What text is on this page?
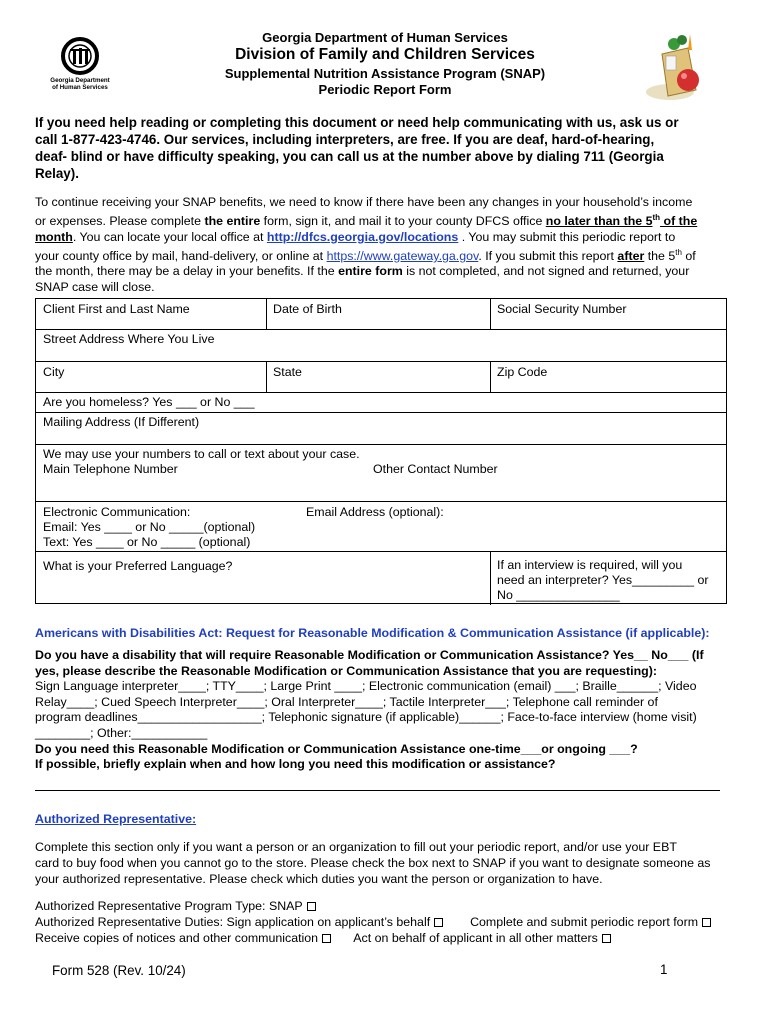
Georgia Department
of Human Services
Georgia Department of Human Services
Division of Family and Children Services
Supplemental Nutrition Assistance Program (SNAP)
Periodic Report Form
If you need help reading or completing this document or need help communicating with us, ask us or
call 1-877-423-4746. Our services, including interpreters, are free. If you are deaf, hard-of-hearing,
deaf- blind or have difficulty speaking, you can call us at the number above by dialing 711 (Georgia
Relay).
To continue receiving your SNAP benefits, we need to know if there have been any changes in your household’s income
or expenses. Please complete the entire form, sign it, and mail it to your county DFCS office no later than the 5th of the
month. You can locate your local office at http://dfcs.georgia.gov/locations . You may submit this periodic report to
your county office by mail, hand-delivery, or online at https://www.gateway.ga.gov. If you submit this report after the 5th of
the month, there may be a delay in your benefits. If the entire form is not completed, and not signed and returned, your
SNAP case will close.
Client First and Last Name	Date of Birth	Social Security Number
Street Address Where You Live
City	State	Zip Code
Are you homeless? Yes ___ or No ___
Mailing Address (If Different)
We may use your numbers to call or text about your case.
Main Telephone Number	Other Contact Number
Electronic Communication:
Email: Yes ____ or No _____(optional)
Text: Yes ____ or No _____ (optional)
Email Address (optional):
What is your Preferred Language?	If an interview is required, will you
need an interpreter? Yes_________ or
No _______________
Americans with Disabilities Act: Request for Reasonable Modification & Communication Assistance (if applicable):
Do you have a disability that will require Reasonable Modification or Communication Assistance? Yes__ No___ (If
yes, please describe the Reasonable Modification or Communication Assistance that you are requesting):
Sign Language interpreter____; TTY____; Large Print ____; Electronic communication (email) ___; Braille______; Video
Relay____; Cued Speech Interpreter____; Oral Interpreter____; Tactile Interpreter___; Telephone call reminder of
program deadlines__________________; Telephonic signature (if applicable)______; Face-to-face interview (home visit)
________; Other:___________
Do you need this Reasonable Modification or Communication Assistance one-time___or ongoing ___?
If possible, briefly explain when and how long you need this modification or assistance?
Authorized Representative:
Complete this section only if you want a person or an organization to fill out your periodic report, and/or use your EBT
card to buy food when you cannot go to the store. Please check the box next to SNAP if you want to designate someone as
your authorized representative. Please check which duties you want the person or organization to have.
Authorized Representative Program Type: SNAP
Authorized Representative Duties: Sign application on applicant’s behalf	Complete and submit periodic report form
Receive copies of notices and other communication	Act on behalf of applicant in all other matters
Form 528 (Rev. 10/24)	1
